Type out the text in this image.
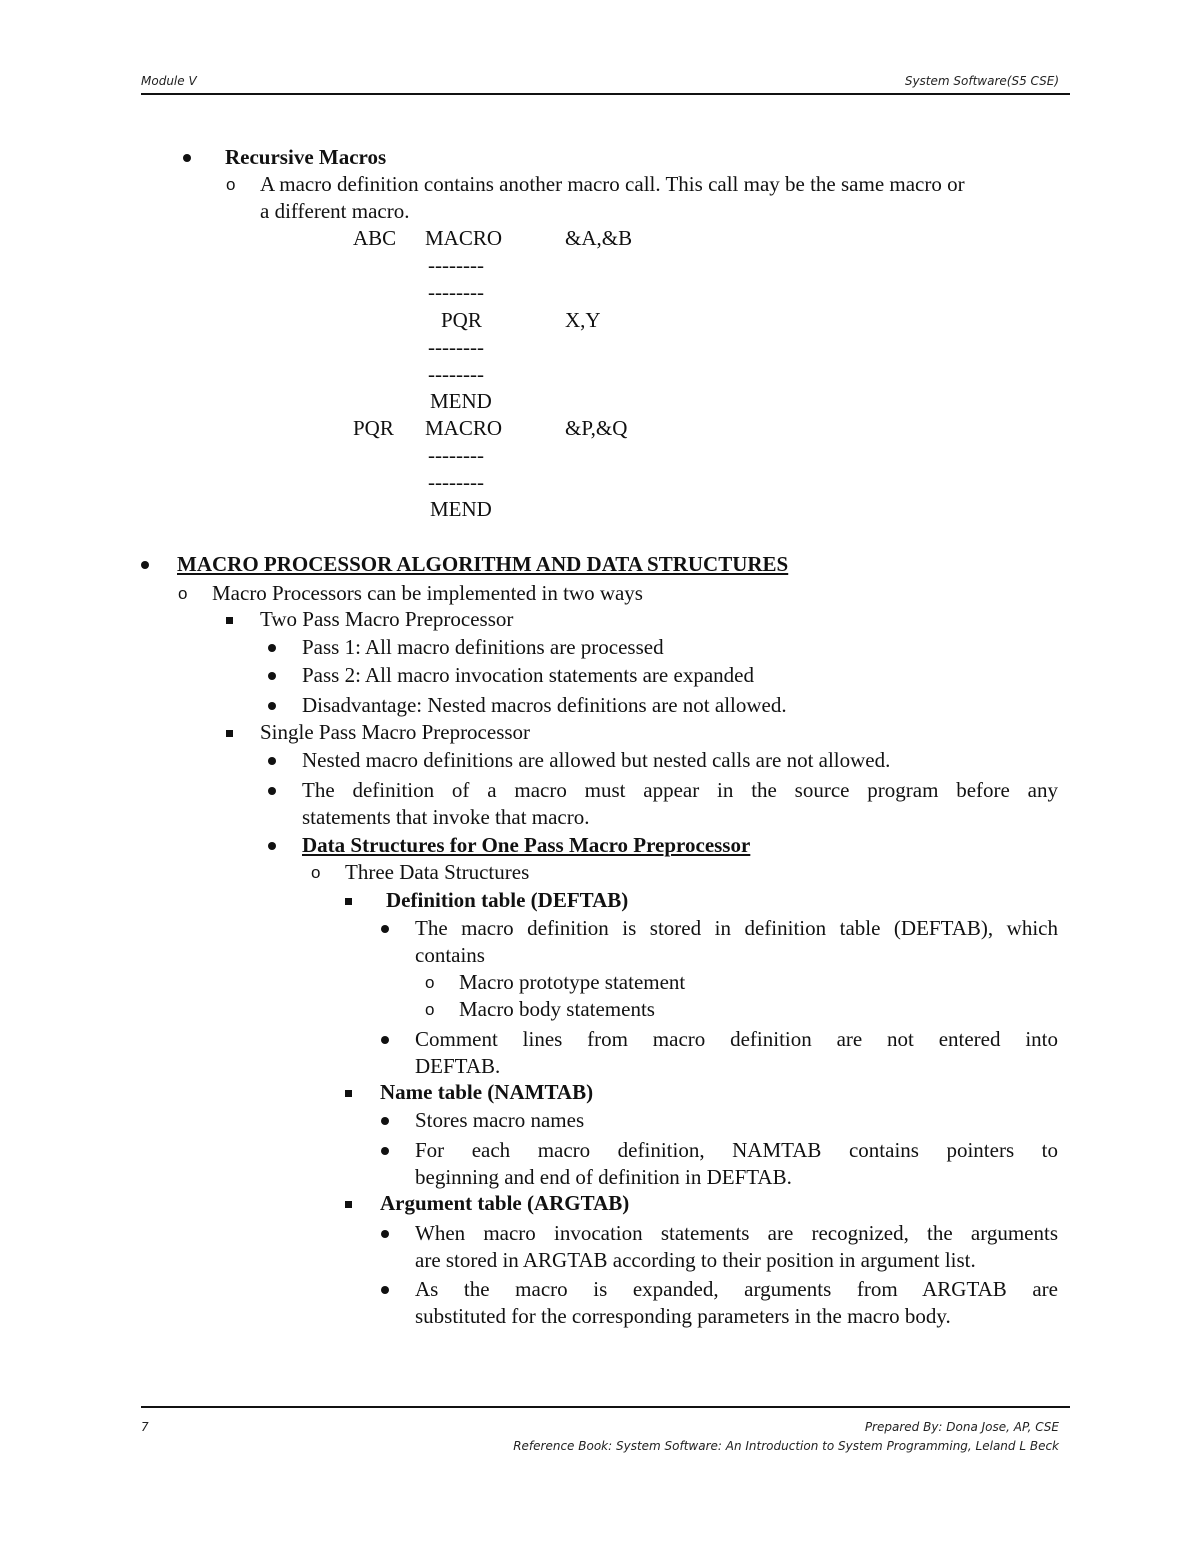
Module V	System Software(S5 CSE)
Recursive Macros
o A macro definition contains another macro call. This call may be the same macro or
a different macro.
ABC MACRO	&A,&B
--------
--------
PQR	X,Y
--------
--------
MEND
PQR MACRO	&P,&Q
--------
--------
MEND
MACRO PROCESSOR ALGORITHM AND DATA STRUCTURES
o Macro Processors can be implemented in two ways
Two Pass Macro Preprocessor
Pass 1: All macro definitions are processed
Pass 2: All macro invocation statements are expanded
Disadvantage: Nested macros definitions are not allowed.
Single Pass Macro Preprocessor
Nested macro definitions are allowed but nested calls are not allowed.
The definition of a macro must appear in the source program before any
statements that invoke that macro.
Data Structures for One Pass Macro Preprocessor
o Three Data Structures
Definition table (DEFTAB)
The macro definition is stored in definition table (DEFTAB), which
contains
o Macro prototype statement
o Macro body statements
Comment lines from macro definition are not entered into
DEFTAB.
Name table (NAMTAB)
Stores macro names
For each macro definition, NAMTAB contains pointers to
beginning and end of definition in DEFTAB.
Argument table (ARGTAB)
When macro invocation statements are recognized, the arguments
are stored in ARGTAB according to their position in argument list.
As the macro is expanded, arguments from ARGTAB are
substituted for the corresponding parameters in the macro body.
7	Prepared By: Dona Jose, AP, CSE
Reference Book: System Software: An Introduction to System Programming, Leland L Beck
